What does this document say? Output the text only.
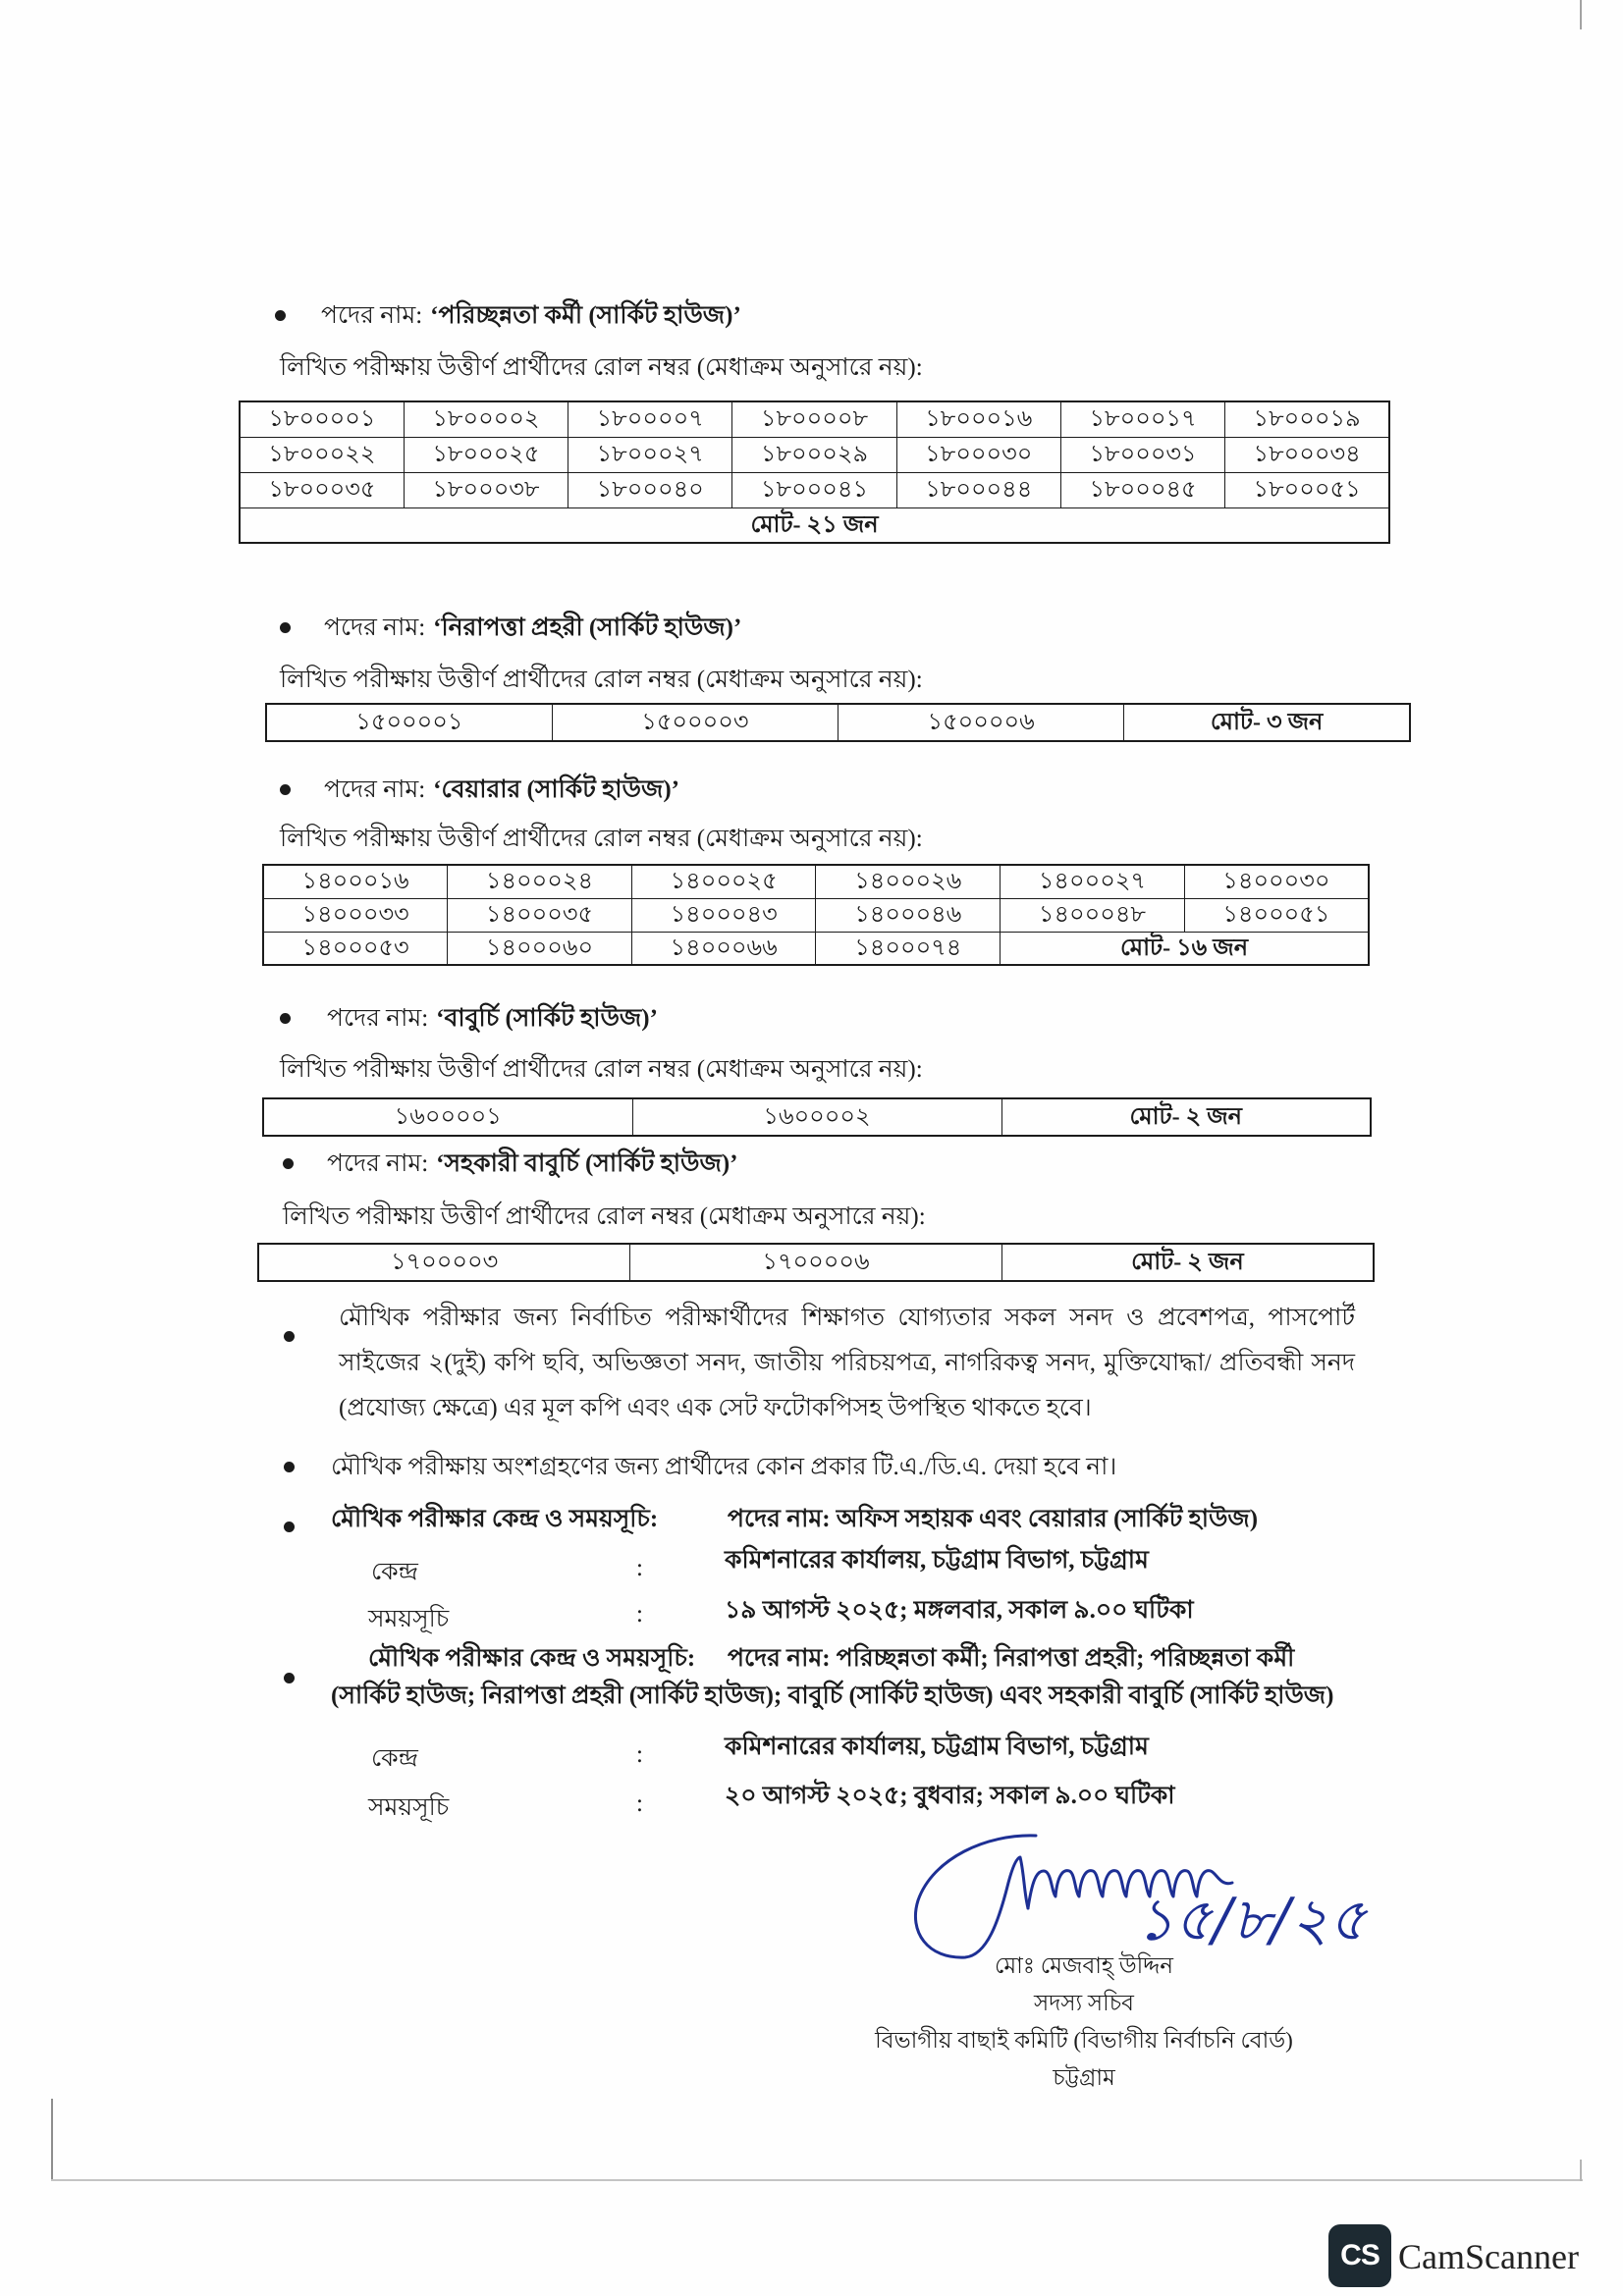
পদের নাম: ‘পরিচ্ছন্নতা কর্মী (সার্কিট হাউজ)’
লিখিত পরীক্ষায় উত্তীর্ণ প্রার্থীদের রোল নম্বর (মেধাক্রম অনুসারে নয়):
১৮০০০০১	১৮০০০০২	১৮০০০০৭	১৮০০০০৮	১৮০০০১৬	১৮০০০১৭	১৮০০০১৯
১৮০০০২২	১৮০০০২৫	১৮০০০২৭	১৮০০০২৯	১৮০০০৩০	১৮০০০৩১	১৮০০০৩৪
১৮০০০৩৫	১৮০০০৩৮	১৮০০০৪০	১৮০০০৪১	১৮০০০৪৪	১৮০০০৪৫	১৮০০০৫১
মোট- ২১ জন						
পদের নাম: ‘নিরাপত্তা প্রহরী (সার্কিট হাউজ)’
লিখিত পরীক্ষায় উত্তীর্ণ প্রার্থীদের রোল নম্বর (মেধাক্রম অনুসারে নয়):
১৫০০০০১	১৫০০০০৩	১৫০০০০৬	মোট- ৩ জন
পদের নাম: ‘বেয়ারার (সার্কিট হাউজ)’
লিখিত পরীক্ষায় উত্তীর্ণ প্রার্থীদের রোল নম্বর (মেধাক্রম অনুসারে নয়):
১৪০০০১৬	১৪০০০২৪	১৪০০০২৫	১৪০০০২৬	১৪০০০২৭	১৪০০০৩০
১৪০০০৩৩	১৪০০০৩৫	১৪০০০৪৩	১৪০০০৪৬	১৪০০০৪৮	১৪০০০৫১
১৪০০০৫৩	১৪০০০৬০	১৪০০০৬৬	১৪০০০৭৪	মোট- ১৬ জন	
পদের নাম: ‘বাবুর্চি (সার্কিট হাউজ)’
লিখিত পরীক্ষায় উত্তীর্ণ প্রার্থীদের রোল নম্বর (মেধাক্রম অনুসারে নয়):
১৬০০০০১	১৬০০০০২	মোট- ২ জন
পদের নাম: ‘সহকারী বাবুর্চি (সার্কিট হাউজ)’
লিখিত পরীক্ষায় উত্তীর্ণ প্রার্থীদের রোল নম্বর (মেধাক্রম অনুসারে নয়):
১৭০০০০৩	১৭০০০০৬	মোট- ২ জন
মৌখিক পরীক্ষার জন্য নির্বাচিত পরীক্ষার্থীদের শিক্ষাগত যোগ্যতার সকল সনদ ও প্রবেশপত্র, পাসপোর্ট সাইজের ২(দুই) কপি ছবি, অভিজ্ঞতা সনদ, জাতীয় পরিচয়পত্র, নাগরিকত্ব সনদ, মুক্তিযোদ্ধা/ প্রতিবন্ধী সনদ (প্রযোজ্য ক্ষেত্রে) এর মূল কপি এবং এক সেট ফটোকপিসহ উপস্থিত থাকতে হবে।
মৌখিক পরীক্ষায় অংশগ্রহণের জন্য প্রার্থীদের কোন প্রকার টি.এ./ডি.এ. দেয়া হবে না।
মৌখিক পরীক্ষার কেন্দ্র ও সময়সূচি:	পদের নাম: অফিস সহায়ক এবং বেয়ারার (সার্কিট হাউজ)
কেন্দ্র	:	কমিশনারের কার্যালয়, চট্টগ্রাম বিভাগ, চট্টগ্রাম
সময়সূচি	:	১৯ আগস্ট ২০২৫; মঙ্গলবার, সকাল ৯.০০ ঘটিকা
মৌখিক পরীক্ষার কেন্দ্র ও সময়সূচি: পদের নাম: পরিচ্ছন্নতা কর্মী; নিরাপত্তা প্রহরী; পরিচ্ছন্নতা কর্মী (সার্কিট হাউজ; নিরাপত্তা প্রহরী (সার্কিট হাউজ); বাবুর্চি (সার্কিট হাউজ) এবং সহকারী বাবুর্চি (সার্কিট হাউজ)
কেন্দ্র	:	কমিশনারের কার্যালয়, চট্টগ্রাম বিভাগ, চট্টগ্রাম
সময়সূচি	:	২০ আগস্ট ২০২৫; বুধবার; সকাল ৯.০০ ঘটিকা
১৫/৮/২৫
মোঃ মেজবাহ্ উদ্দিন
সদস্য সচিব
বিভাগীয় বাছাই কমিটি (বিভাগীয় নির্বাচনি বোর্ড)
চট্টগ্রাম
CS CamScanner
